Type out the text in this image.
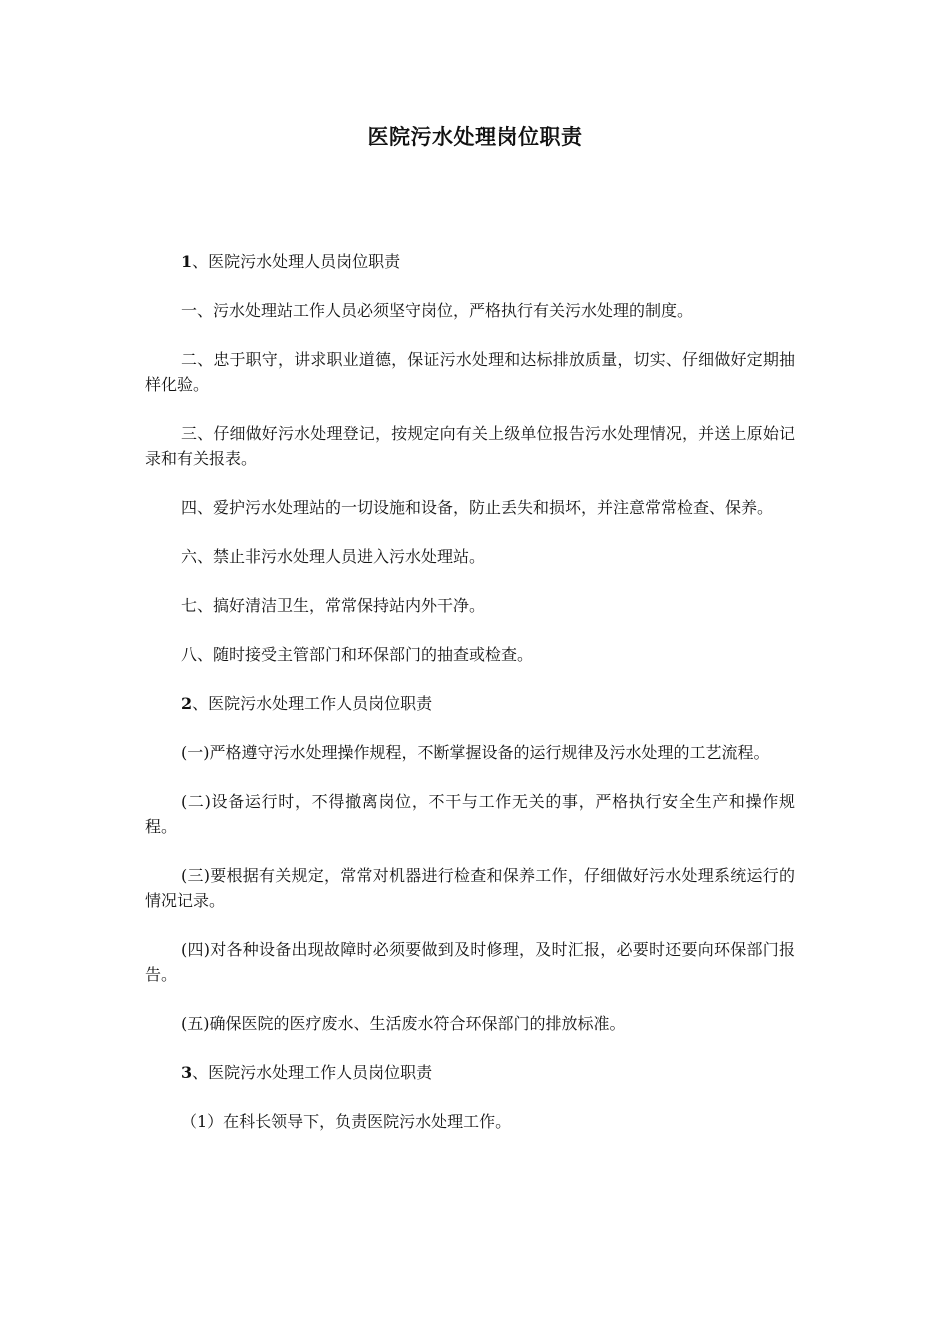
医院污水处理岗位职责

1、医院污水处理人员岗位职责

一、污水处理站工作人员必须坚守岗位，严格执行有关污水处理的制度。

二、忠于职守，讲求职业道德，保证污水处理和达标排放质量，切实、仔细做好定期抽样化验。

三、仔细做好污水处理登记，按规定向有关上级单位报告污水处理情况，并送上原始记录和有关报表。

四、爱护污水处理站的一切设施和设备，防止丢失和损坏，并注意常常检查、保养。

六、禁止非污水处理人员进入污水处理站。

七、搞好清洁卫生，常常保持站内外干净。

八、随时接受主管部门和环保部门的抽查或检查。

2、医院污水处理工作人员岗位职责

(一)严格遵守污水处理操作规程，不断掌握设备的运行规律及污水处理的工艺流程。

(二)设备运行时，不得撤离岗位，不干与工作无关的事，严格执行安全生产和操作规程。

(三)要根据有关规定，常常对机器进行检查和保养工作，仔细做好污水处理系统运行的情况记录。

(四)对各种设备出现故障时必须要做到及时修理，及时汇报，必要时还要向环保部门报告。

(五)确保医院的医疗废水、生活废水符合环保部门的排放标准。

3、医院污水处理工作人员岗位职责

（1）在科长领导下，负责医院污水处理工作。
